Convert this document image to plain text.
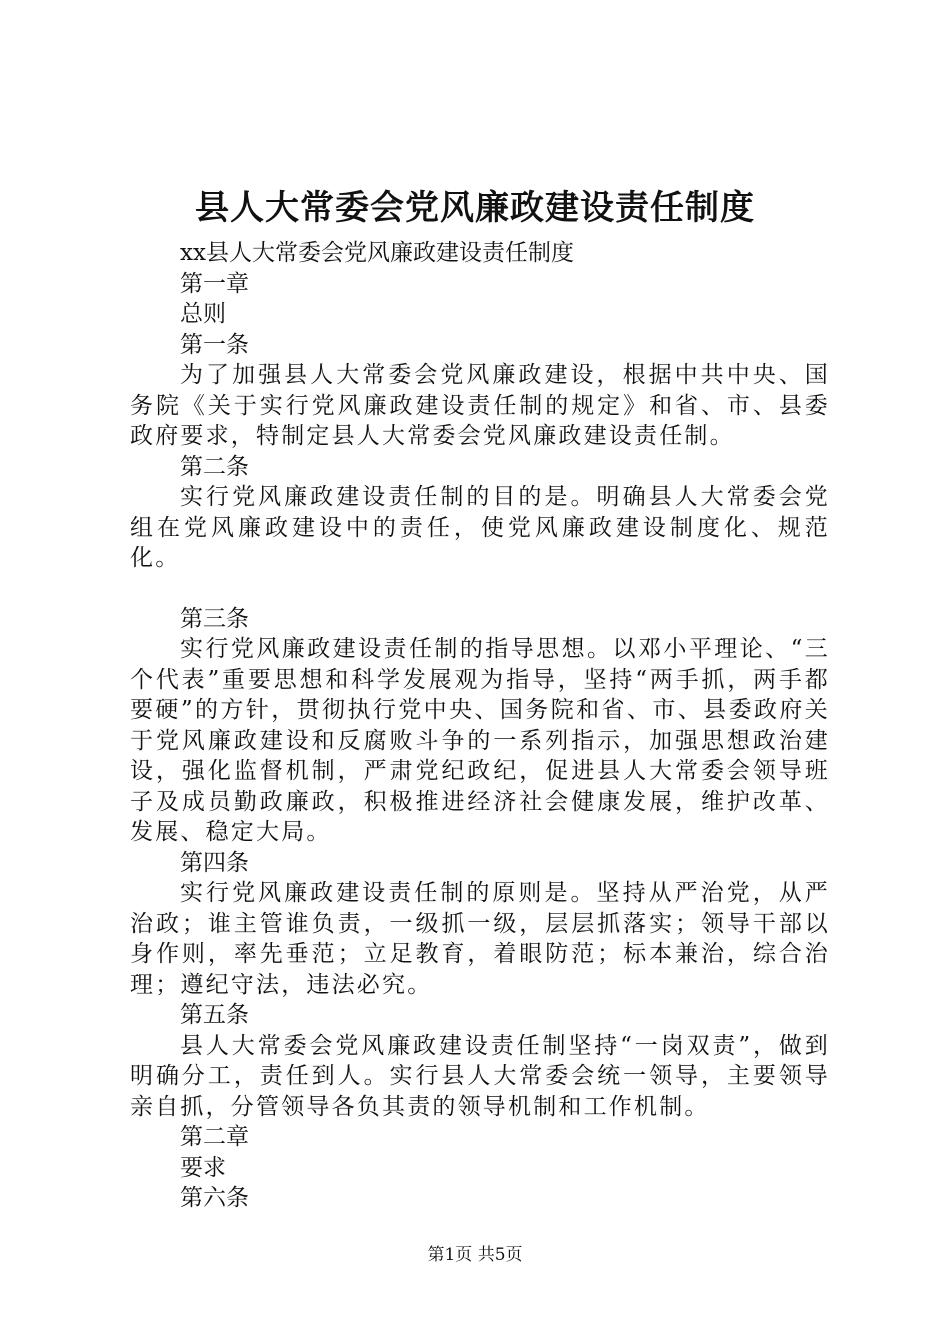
县人大常委会党风廉政建设责任制度

xx县人大常委会党风廉政建设责任制度

第一章

总则

第一条

为了加强县人大常委会党风廉政建设，根据中共中央、国务院《关于实行党风廉政建设责任制的规定》和省、市、县委政府要求，特制定县人大常委会党风廉政建设责任制。

第二条

实行党风廉政建设责任制的目的是。明确县人大常委会党组在党风廉政建设中的责任，使党风廉政建设制度化、规范化。

第三条

实行党风廉政建设责任制的指导思想。以邓小平理论、“三个代表”重要思想和科学发展观为指导，坚持“两手抓，两手都要硬”的方针，贯彻执行党中央、国务院和省、市、县委政府关于党风廉政建设和反腐败斗争的一系列指示，加强思想政治建设，强化监督机制，严肃党纪政纪，促进县人大常委会领导班子及成员勤政廉政，积极推进经济社会健康发展，维护改革、发展、稳定大局。

第四条

实行党风廉政建设责任制的原则是。坚持从严治党，从严治政；谁主管谁负责，一级抓一级，层层抓落实；领导干部以身作则，率先垂范；立足教育，着眼防范；标本兼治，综合治理；遵纪守法，违法必究。

第五条

县人大常委会党风廉政建设责任制坚持“一岗双责”，做到明确分工，责任到人。实行县人大常委会统一领导，主要领导亲自抓，分管领导各负其责的领导机制和工作机制。

第二章

要求

第六条

第1页 共5页
